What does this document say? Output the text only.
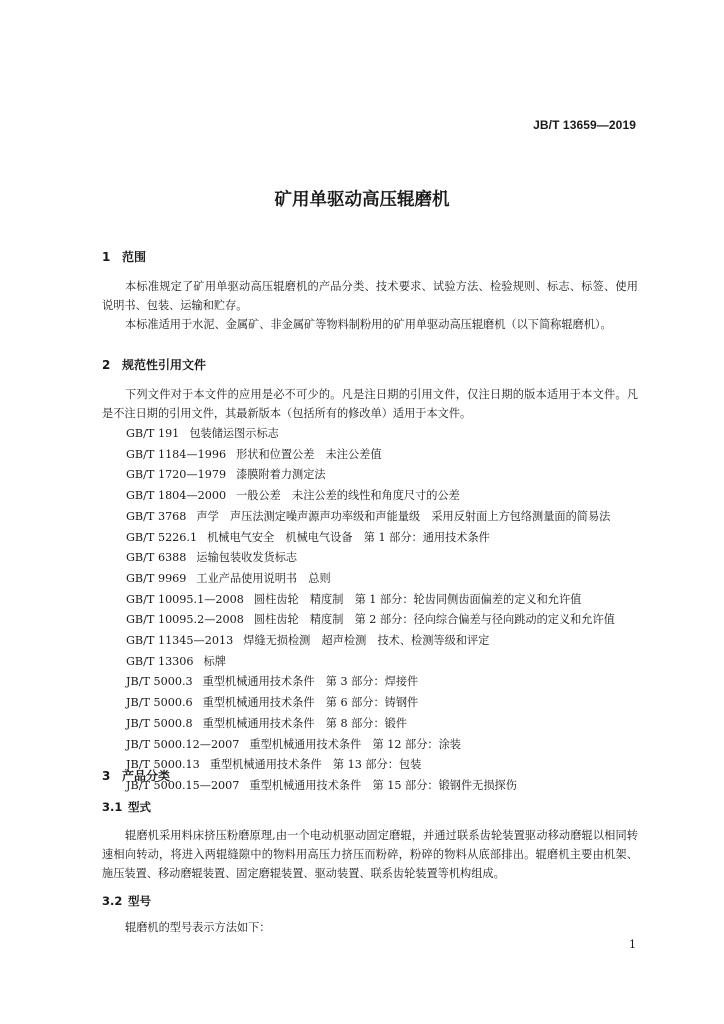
JB/T 13659—2019
矿用单驱动高压辊磨机
1 范围

本标准规定了矿用单驱动高压辊磨机的产品分类、技术要求、试验方法、检验规则、标志、标签、使用说明书、包装、运输和贮存。

本标准适用于水泥、金属矿、非金属矿等物料制粉用的矿用单驱动高压辊磨机（以下简称辊磨机）。

2 规范性引用文件

下列文件对于本文件的应用是必不可少的。凡是注日期的引用文件，仅注日期的版本适用于本文件。凡是不注日期的引用文件，其最新版本（包括所有的修改单）适用于本文件。

GB/T 191 包装储运图示标志
GB/T 1184—1996 形状和位置公差　未注公差值
GB/T 1720—1979 漆膜附着力测定法
GB/T 1804—2000 一般公差　未注公差的线性和角度尺寸的公差
GB/T 3768 声学　声压法测定噪声源声功率级和声能量级　采用反射面上方包络测量面的简易法
GB/T 5226.1 机械电气安全　机械电气设备　第 1 部分：通用技术条件
GB/T 6388 运输包装收发货标志
GB/T 9969 工业产品使用说明书　总则
GB/T 10095.1—2008 圆柱齿轮　精度制　第 1 部分：轮齿同侧齿面偏差的定义和允许值
GB/T 10095.2—2008 圆柱齿轮　精度制　第 2 部分：径向综合偏差与径向跳动的定义和允许值
GB/T 11345—2013 焊缝无损检测　超声检测　技术、检测等级和评定
GB/T 13306 标牌
JB/T 5000.3 重型机械通用技术条件　第 3 部分：焊接件
JB/T 5000.6 重型机械通用技术条件　第 6 部分：铸钢件
JB/T 5000.8 重型机械通用技术条件　第 8 部分：锻件
JB/T 5000.12—2007 重型机械通用技术条件　第 12 部分：涂装
JB/T 5000.13 重型机械通用技术条件　第 13 部分：包装
JB/T 5000.15—2007 重型机械通用技术条件　第 15 部分：锻钢件无损探伤
3 产品分类
3.1 型式

辊磨机采用料床挤压粉磨原理,由一个电动机驱动固定磨辊，并通过联系齿轮装置驱动移动磨辊以相同转速相向转动，将进入两辊缝隙中的物料用高压力挤压而粉碎，粉碎的物料从底部排出。辊磨机主要由机架、施压装置、移动磨辊装置、固定磨辊装置、驱动装置、联系齿轮装置等机构组成。

3.2 型号

辊磨机的型号表示方法如下：

1
